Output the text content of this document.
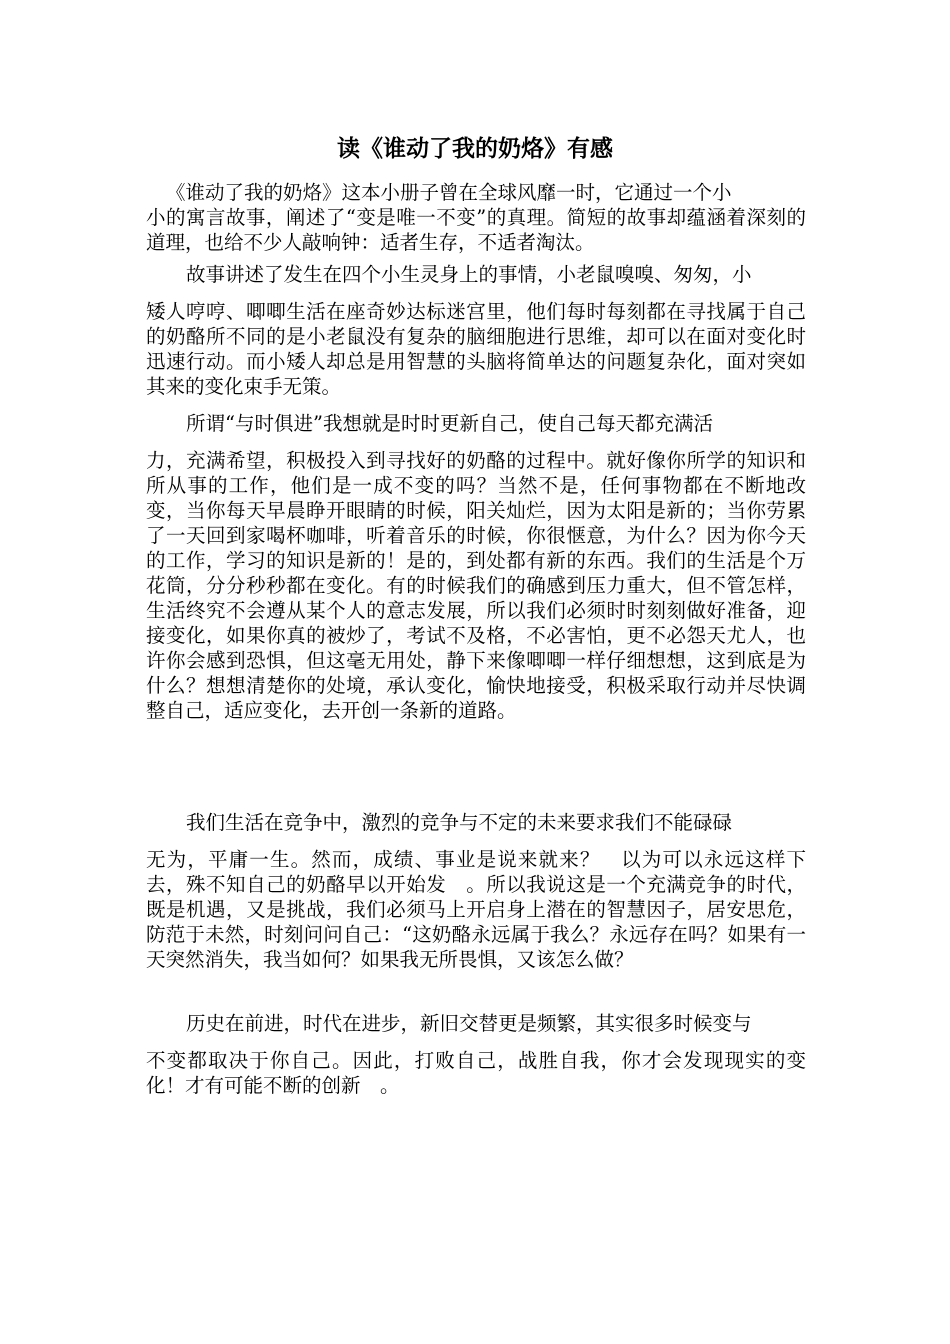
读《谁动了我的奶烙》有感
《谁动了我的奶烙》这本小册子曾在全球风靡一时，它通过一个小
小的寓言故事，阐述了“变是唯一不变”的真理。简短的故事却蕴涵着深刻的道理，也给不少人敲响钟：适者生存，不适者淘汰。
故事讲述了发生在四个小生灵身上的事情，小老鼠嗅嗅、匆匆，小
矮人哼哼、唧唧生活在座奇妙达标迷宫里，他们每时每刻都在寻找属于自己的奶酪所不同的是小老鼠没有复杂的脑细胞进行思维，却可以在面对变化时迅速行动。而小矮人却总是用智慧的头脑将简单达的问题复杂化，面对突如其来的变化束手无策。
所谓“与时俱进”我想就是时时更新自己，使自己每天都充满活
力，充满希望，积极投入到寻找好的奶酪的过程中。就好像你所学的知识和所从事的工作，他们是一成不变的吗？当然不是，任何事物都在不断地改变，当你每天早晨睁开眼睛的时候，阳关灿烂，因为太阳是新的；当你劳累了一天回到家喝杯咖啡，听着音乐的时候，你很惬意，为什么？因为你今天的工作，学习的知识是新的！是的，到处都有新的东西。我们的生活是个万花筒，分分秒秒都在变化。有的时候我们的确感到压力重大，但不管怎样，生活终究不会遵从某个人的意志发展，所以我们必须时时刻刻做好准备，迎接变化，如果你真的被炒了，考试不及格，不必害怕，更不必怨天尤人，也许你会感到恐惧，但这毫无用处，静下来像唧唧一样仔细想想，这到底是为什么？想想清楚你的处境，承认变化，愉快地接受，积极采取行动并尽快调整自己，适应变化，去开创一条新的道路。
我们生活在竞争中，激烈的竞争与不定的未来要求我们不能碌碌
无为，平庸一生。然而，成绩、事业是说来就来？　以为可以永远这样下去，殊不知自己的奶酪早以开始发　。所以我说这是一个充满竞争的时代，既是机遇，又是挑战，我们必须马上开启身上潜在的智慧因子，居安思危，防范于未然，时刻问问自己：“这奶酪永远属于我么？永远存在吗？如果有一天突然消失，我当如何？如果我无所畏惧，又该怎么做？
历史在前进，时代在进步，新旧交替更是频繁，其实很多时候变与
不变都取决于你自己。因此，打败自己，战胜自我，你才会发现现实的变化！才有可能不断的创新　。
